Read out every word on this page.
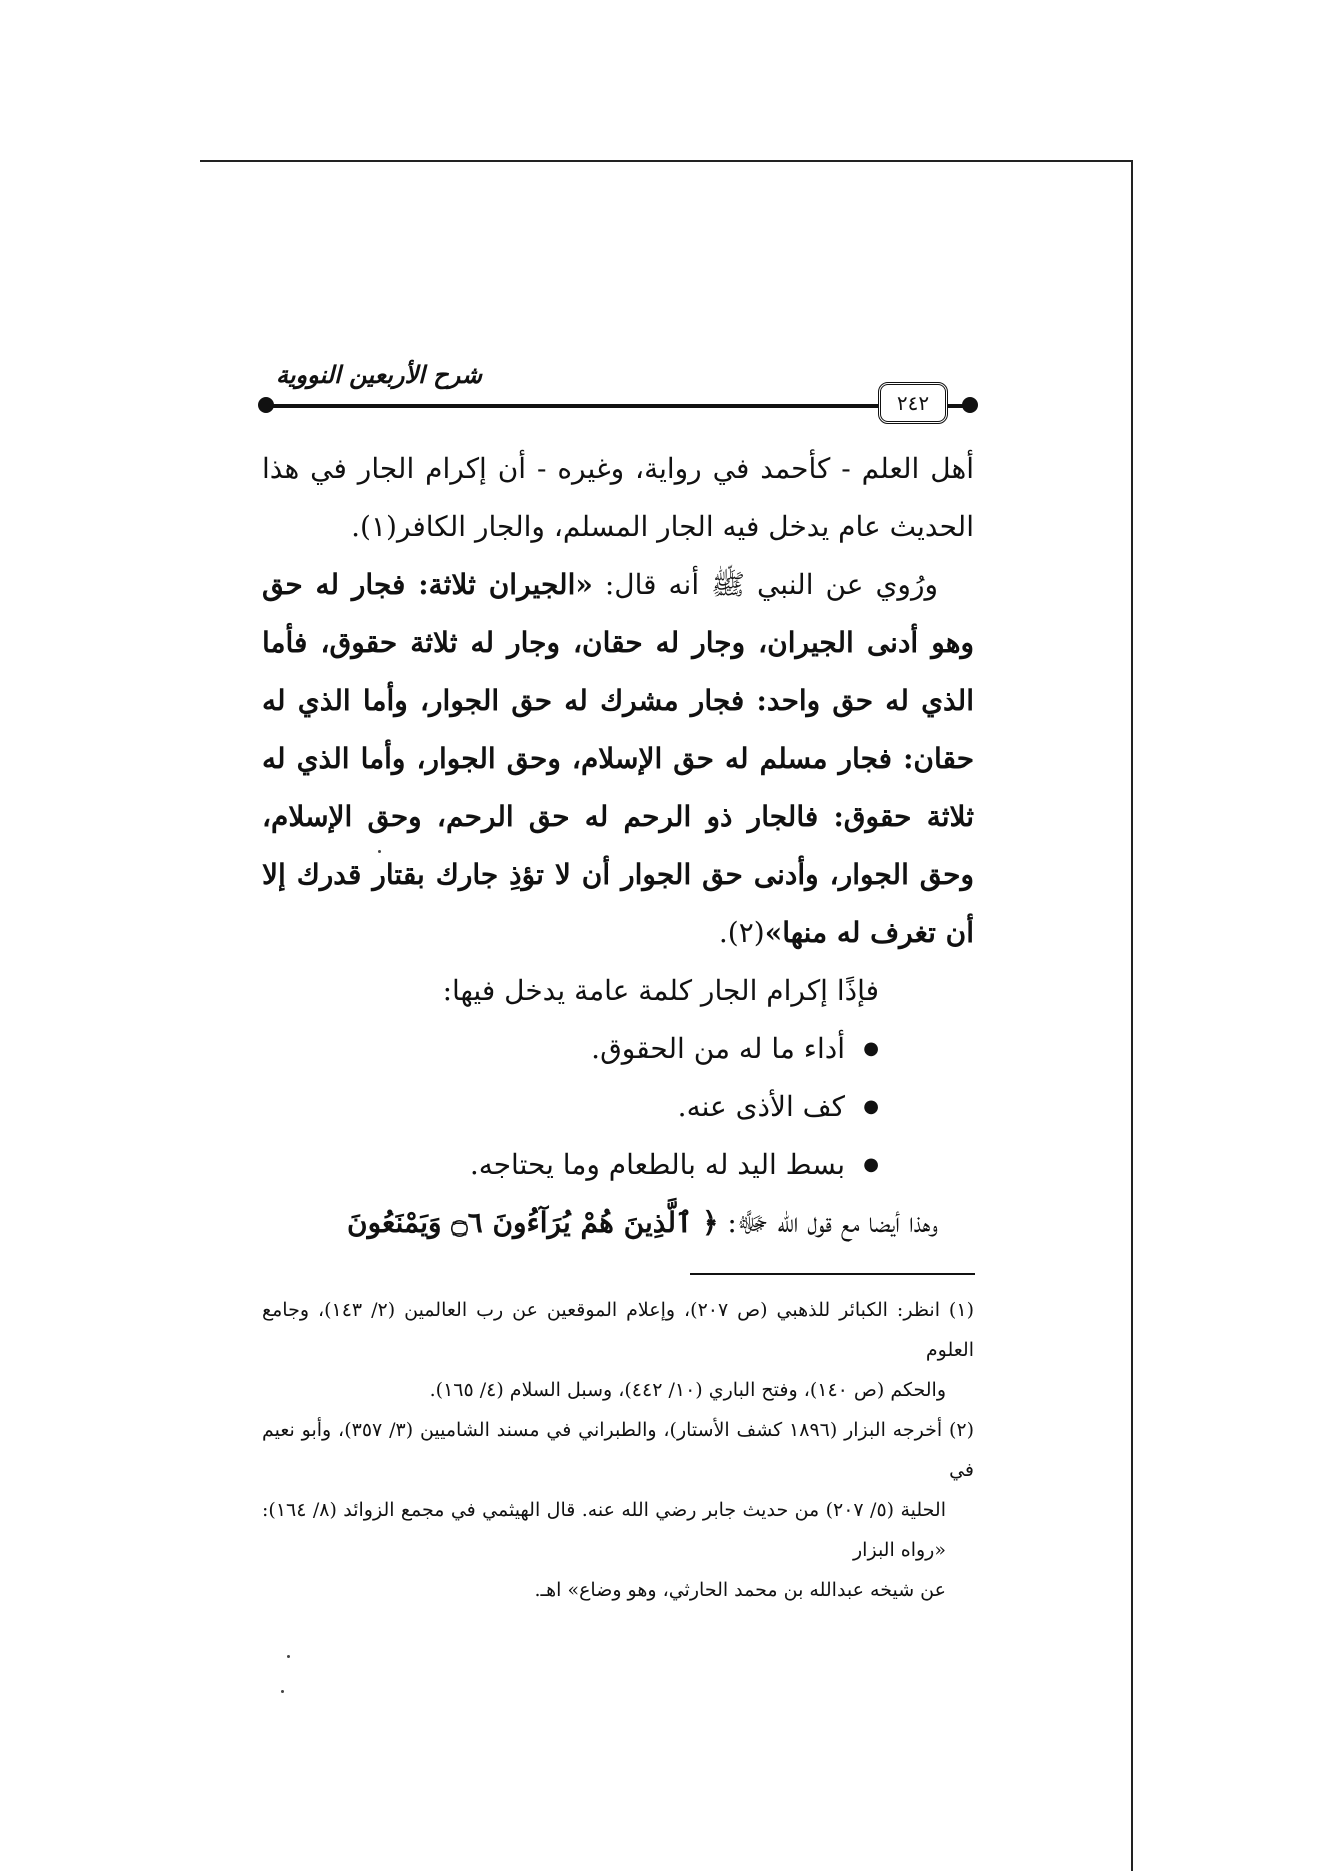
شرح الأربعين النووية
٢٤٢

أهل العلم - كأحمد في رواية، وغيره - أن إكرام الجار في هذا الحديث عام يدخل فيه الجار المسلم، والجار الكافر(١).

ورُوي عن النبي ﷺ أنه قال: «الجيران ثلاثة: فجار له حق وهو أدنى الجيران، وجار له حقان، وجار له ثلاثة حقوق، فأما الذي له حق واحد: فجار مشرك له حق الجوار، وأما الذي له حقان: فجار مسلم له حق الإسلام، وحق الجوار، وأما الذي له ثلاثة حقوق: فالجار ذو الرحم له حق الرحم، وحق الإسلام، وحق الجوار، وأدنى حق الجوار أن لا تؤذِ جارك بقتار قدرك إلا أن تغرف له منها»(٢).

فإذًا إكرام الجار كلمة عامة يدخل فيها:

● أداء ما له من الحقوق.
● كف الأذى عنه.
● بسط اليد له بالطعام وما يحتاجه.

وهذا أيضا مع قول الله ﷻ: ﴿ ٱلَّذِينَ هُمْ يُرَآءُونَ ۝٦ وَيَمْنَعُونَ

(١) انظر: الكبائر للذهبي (ص ٢٠٧)، وإعلام الموقعين عن رب العالمين (٢/ ١٤٣)، وجامع العلوم

والحكم (ص ١٤٠)، وفتح الباري (١٠/ ٤٤٢)، وسبل السلام (٤/ ١٦٥).

(٢) أخرجه البزار (١٨٩٦ كشف الأستار)، والطبراني في مسند الشاميين (٣/ ٣٥٧)، وأبو نعيم في

الحلية (٥/ ٢٠٧) من حديث جابر رضي الله عنه. قال الهيثمي في مجمع الزوائد (٨/ ١٦٤): «رواه البزار

عن شيخه عبدالله بن محمد الحارثي، وهو وضاع» اهـ.
